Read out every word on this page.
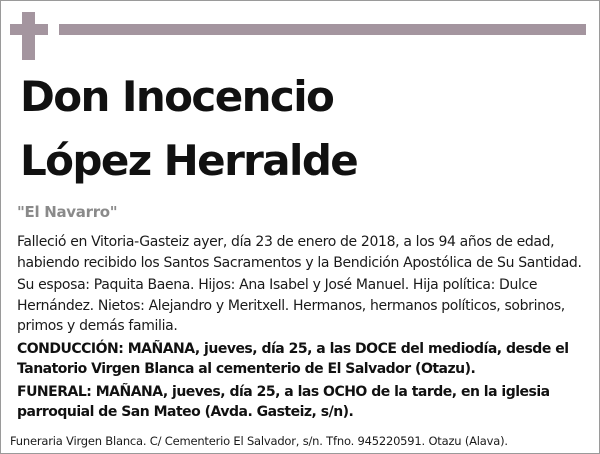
Don Inocencio
López Herralde
"El Navarro"

Falleció en Vitoria-Gasteiz ayer, día 23 de enero de 2018, a los 94 años de edad, habiendo recibido los Santos Sacramentos y la Bendición Apostólica de Su Santidad.

Su esposa: Paquita Baena. Hijos: Ana Isabel y José Manuel. Hija política: Dulce Hernández. Nietos: Alejandro y Meritxell. Hermanos, hermanos políticos, sobrinos, primos y demás familia.

CONDUCCIÓN: MAÑANA, jueves, día 25, a las DOCE del mediodía, desde el Tanatorio Virgen Blanca al cementerio de El Salvador (Otazu).

FUNERAL: MAÑANA, jueves, día 25, a las OCHO de la tarde, en la iglesia parroquial de San Mateo (Avda. Gasteiz, s/n).

Funeraria Virgen Blanca. C/ Cementerio El Salvador, s/n. Tfno. 945220591. Otazu (Alava).
